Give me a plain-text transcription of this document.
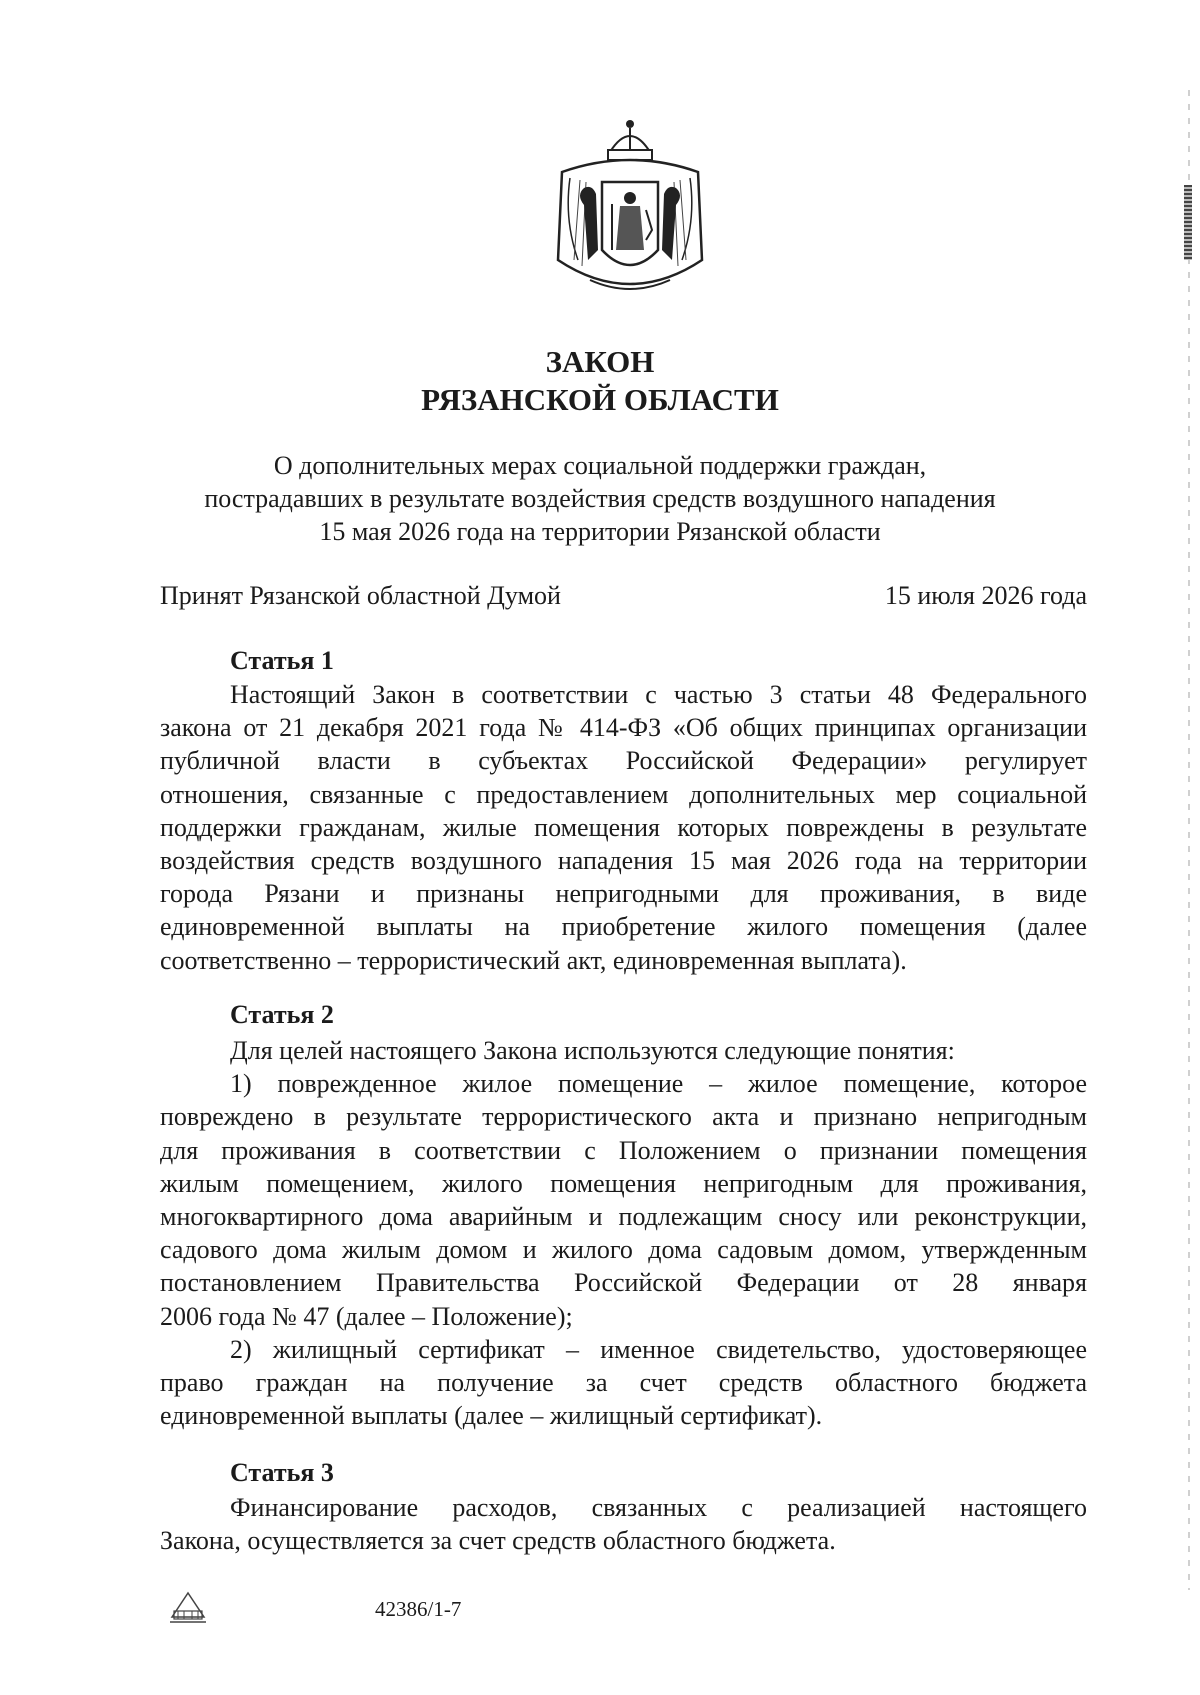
ЗАКОН
РЯЗАНСКОЙ ОБЛАСТИ
О дополнительных мерах социальной поддержки граждан,
пострадавших в результате воздействия средств воздушного нападения
15 мая 2026 года на территории Рязанской области
Принят Рязанской областной Думой	15 июля 2026 года
Статья 1
Настоящий Закон в соответствии с частью 3 статьи 48 Федерального
закона от 21 декабря 2021 года № 414-ФЗ «Об общих принципах организации
публичной власти в субъектах Российской Федерации» регулирует
отношения, связанные с предоставлением дополнительных мер социальной
поддержки гражданам, жилые помещения которых повреждены в результате
воздействия средств воздушного нападения 15 мая 2026 года на территории
города Рязани и признаны непригодными для проживания, в виде
единовременной выплаты на приобретение жилого помещения (далее
соответственно – террористический акт, единовременная выплата).
Статья 2
Для целей настоящего Закона используются следующие понятия:
1) поврежденное жилое помещение – жилое помещение, которое
повреждено в результате террористического акта и признано непригодным
для проживания в соответствии с Положением о признании помещения
жилым помещением, жилого помещения непригодным для проживания,
многоквартирного дома аварийным и подлежащим сносу или реконструкции,
садового дома жилым домом и жилого дома садовым домом, утвержденным
постановлением Правительства Российской Федерации от 28 января
2006 года № 47 (далее – Положение);
2) жилищный сертификат – именное свидетельство, удостоверяющее
право граждан на получение за счет средств областного бюджета
единовременной выплаты (далее – жилищный сертификат).
Статья 3
Финансирование расходов, связанных с реализацией настоящего
Закона, осуществляется за счет средств областного бюджета.
42386/1-7
